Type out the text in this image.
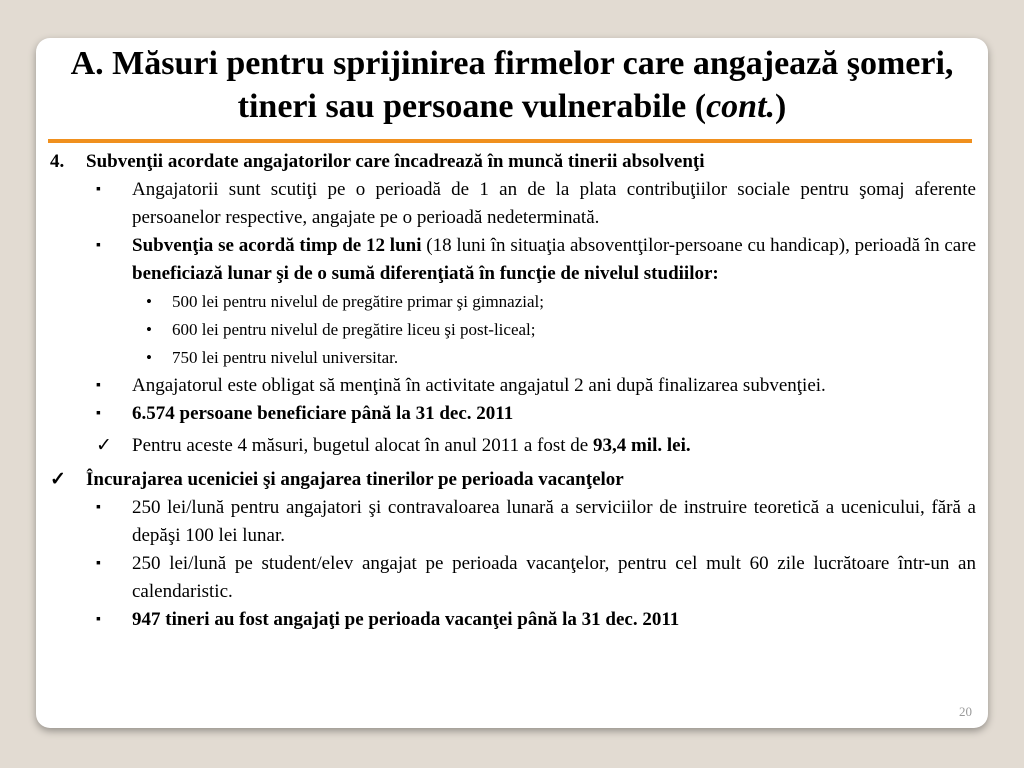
A. Măsuri pentru sprijinirea firmelor care angajează şomeri, tineri sau persoane vulnerabile (cont.)
4. Subvenţii acordate angajatorilor care încadrează în muncă tinerii absolvenţi
▪ Angajatorii sunt scutiţi pe o perioadă de 1 an de la plata contribuţiilor sociale pentru şomaj aferente persoanelor respective, angajate pe o perioadă nedeterminată.
▪ Subvenţia se acordă timp de 12 luni (18 luni în situaţia absoventţilor-persoane cu handicap), perioadă în care beneficiază lunar şi de o sumă diferenţiată în funcţie de nivelul studiilor:
• 500 lei pentru nivelul de pregătire primar şi gimnazial;
• 600 lei pentru nivelul de pregătire liceu şi post-liceal;
• 750 lei pentru nivelul universitar.
▪ Angajatorul este obligat să menţină în activitate angajatul 2 ani după finalizarea subvenţiei.
▪ 6.574 persoane beneficiare până la 31 dec. 2011
✓ Pentru aceste 4 măsuri, bugetul alocat în anul 2011 a fost de 93,4 mil. lei.
✓ Încurajarea uceniciei şi angajarea tinerilor pe perioada vacanţelor
▪ 250 lei/lună pentru angajatori şi contravaloarea lunară a serviciilor de instruire teoretică a ucenicului, fără a depăşi 100 lei lunar.
▪ 250 lei/lună pe student/elev angajat pe perioada vacanţelor, pentru cel mult 60 zile lucrătoare într-un an calendaristic.
▪ 947 tineri au fost angajaţi pe perioada vacanţei până la 31 dec. 2011
20
